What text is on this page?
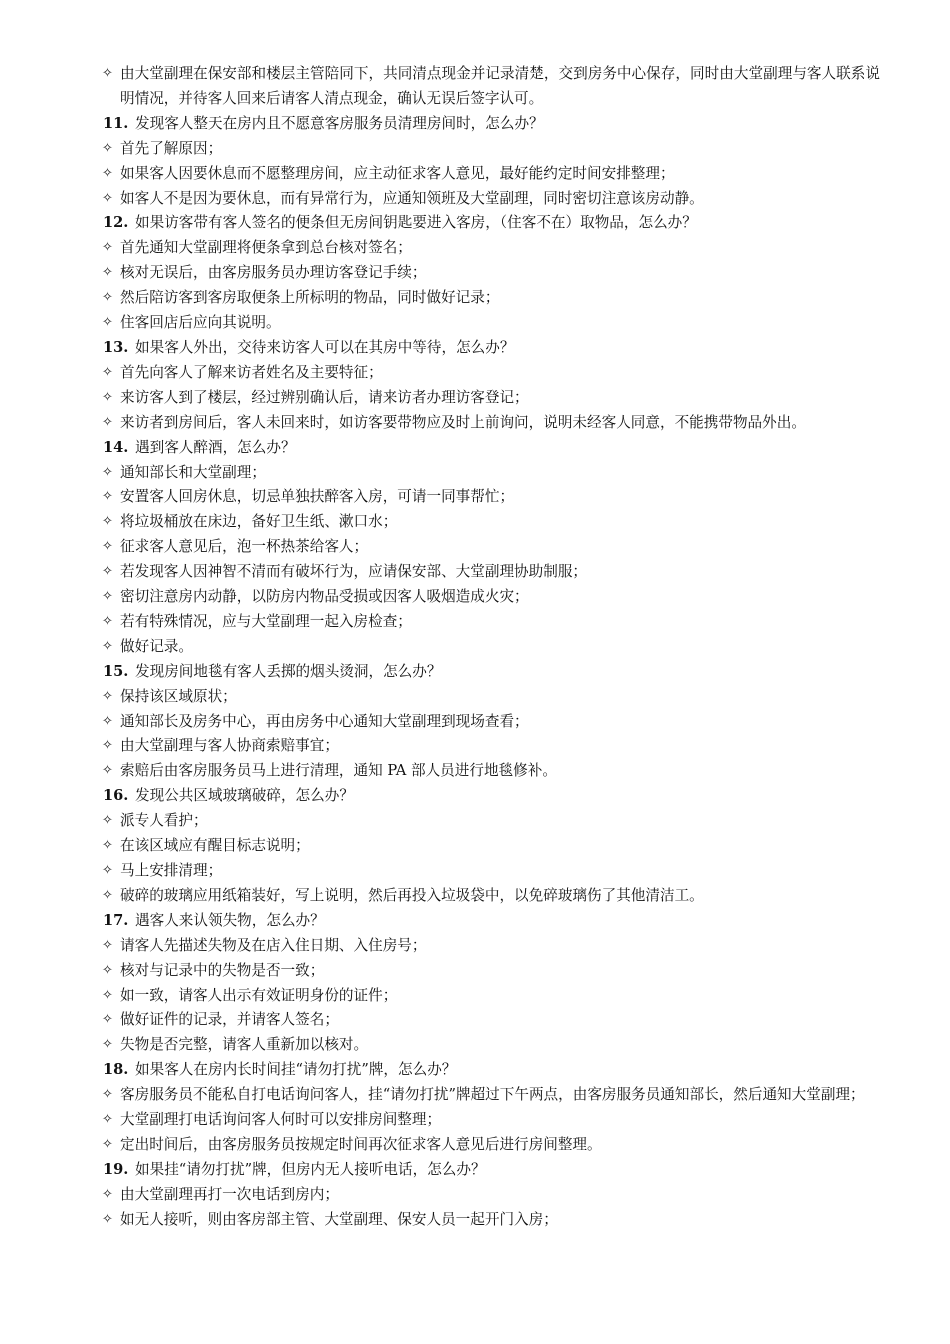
✧ 由大堂副理在保安部和楼层主管陪同下，共同清点现金并记录清楚，交到房务中心保存，同时由大堂副理与客人联系说明情况，并待客人回来后请客人清点现金，确认无误后签字认可。
11. 发现客人整天在房内且不愿意客房服务员清理房间时，怎么办？
✧ 首先了解原因；
✧ 如果客人因要休息而不愿整理房间，应主动征求客人意见，最好能约定时间安排整理；
✧ 如客人不是因为要休息，而有异常行为，应通知领班及大堂副理，同时密切注意该房动静。
12. 如果访客带有客人签名的便条但无房间钥匙要进入客房，（住客不在）取物品，怎么办？
✧ 首先通知大堂副理将便条拿到总台核对签名；
✧ 核对无误后，由客房服务员办理访客登记手续；
✧ 然后陪访客到客房取便条上所标明的物品，同时做好记录；
✧ 住客回店后应向其说明。
13. 如果客人外出，交待来访客人可以在其房中等待，怎么办？
✧ 首先向客人了解来访者姓名及主要特征；
✧ 来访客人到了楼层，经过辨别确认后，请来访者办理访客登记；
✧ 来访者到房间后，客人未回来时，如访客要带物应及时上前询问，说明未经客人同意，不能携带物品外出。
14. 遇到客人醉酒，怎么办？
✧ 通知部长和大堂副理；
✧ 安置客人回房休息，切忌单独扶醉客入房，可请一同事帮忙；
✧ 将垃圾桶放在床边，备好卫生纸、漱口水；
✧ 征求客人意见后，泡一杯热茶给客人；
✧ 若发现客人因神智不清而有破坏行为，应请保安部、大堂副理协助制服；
✧ 密切注意房内动静，以防房内物品受损或因客人吸烟造成火灾；
✧ 若有特殊情况，应与大堂副理一起入房检查；
✧ 做好记录。
15. 发现房间地毯有客人丢掷的烟头烫洞，怎么办？
✧ 保持该区域原状；
✧ 通知部长及房务中心，再由房务中心通知大堂副理到现场查看；
✧ 由大堂副理与客人协商索赔事宜；
✧ 索赔后由客房服务员马上进行清理，通知 PA 部人员进行地毯修补。
16. 发现公共区域玻璃破碎，怎么办？
✧ 派专人看护；
✧ 在该区域应有醒目标志说明；
✧ 马上安排清理；
✧ 破碎的玻璃应用纸箱装好，写上说明，然后再投入垃圾袋中，以免碎玻璃伤了其他清洁工。
17. 遇客人来认领失物，怎么办？
✧ 请客人先描述失物及在店入住日期、入住房号；
✧ 核对与记录中的失物是否一致；
✧ 如一致，请客人出示有效证明身份的证件；
✧ 做好证件的记录，并请客人签名；
✧ 失物是否完整，请客人重新加以核对。
18. 如果客人在房内长时间挂“请勿打扰”牌，怎么办？
✧ 客房服务员不能私自打电话询问客人，挂“请勿打扰”牌超过下午两点，由客房服务员通知部长，然后通知大堂副理；
✧ 大堂副理打电话询问客人何时可以安排房间整理；
✧ 定出时间后，由客房服务员按规定时间再次征求客人意见后进行房间整理。
19. 如果挂“请勿打扰”牌，但房内无人接听电话，怎么办？
✧ 由大堂副理再打一次电话到房内；
✧ 如无人接听，则由客房部主管、大堂副理、保安人员一起开门入房；
